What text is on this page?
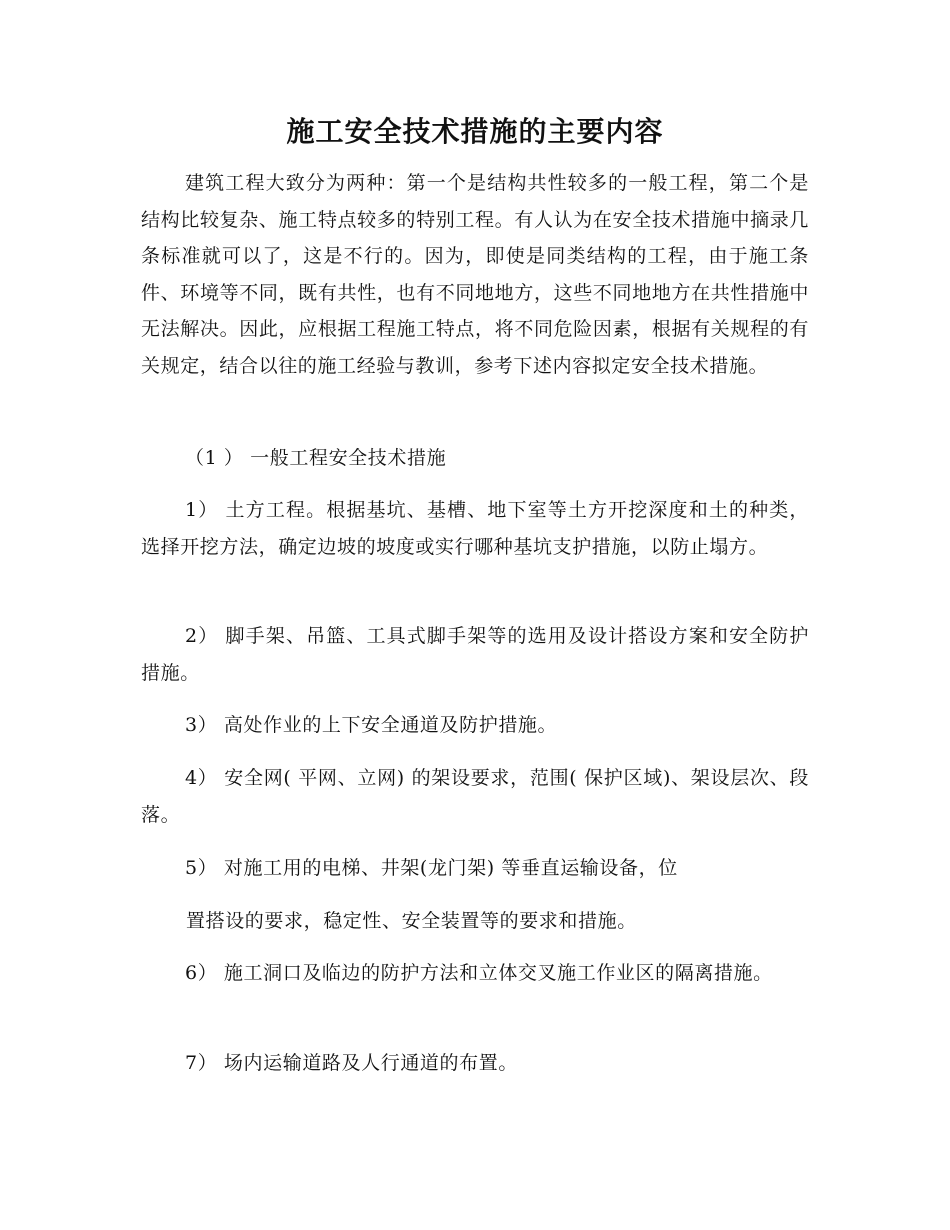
施工安全技术措施的主要内容

建筑工程大致分为两种：第一个是结构共性较多的一般工程，第二个是结构比较复杂、施工特点较多的特别工程。有人认为在安全技术措施中摘录几条标准就可以了，这是不行的。因为，即使是同类结构的工程，由于施工条件、环境等不同，既有共性，也有不同地地方，这些不同地地方在共性措施中无法解决。因此，应根据工程施工特点，将不同危险因素，根据有关规程的有关规定，结合以往的施工经验与教训，参考下述内容拟定安全技术措施。

（1 ） 一般工程安全技术措施

1） 土方工程。根据基坑、基槽、地下室等土方开挖深度和土的种类，选择开挖方法，确定边坡的坡度或实行哪种基坑支护措施，以防止塌方。

2） 脚手架、吊篮、工具式脚手架等的选用及设计搭设方案和安全防护措施。

3） 高处作业的上下安全通道及防护措施。

4） 安全网( 平网、立网) 的架设要求，范围( 保护区域)、架设层次、段落。

5） 对施工用的电梯、井架(龙门架) 等垂直运输设备，位

置搭设的要求，稳定性、安全装置等的要求和措施。

6） 施工洞口及临边的防护方法和立体交叉施工作业区的隔离措施。

7） 场内运输道路及人行通道的布置。
